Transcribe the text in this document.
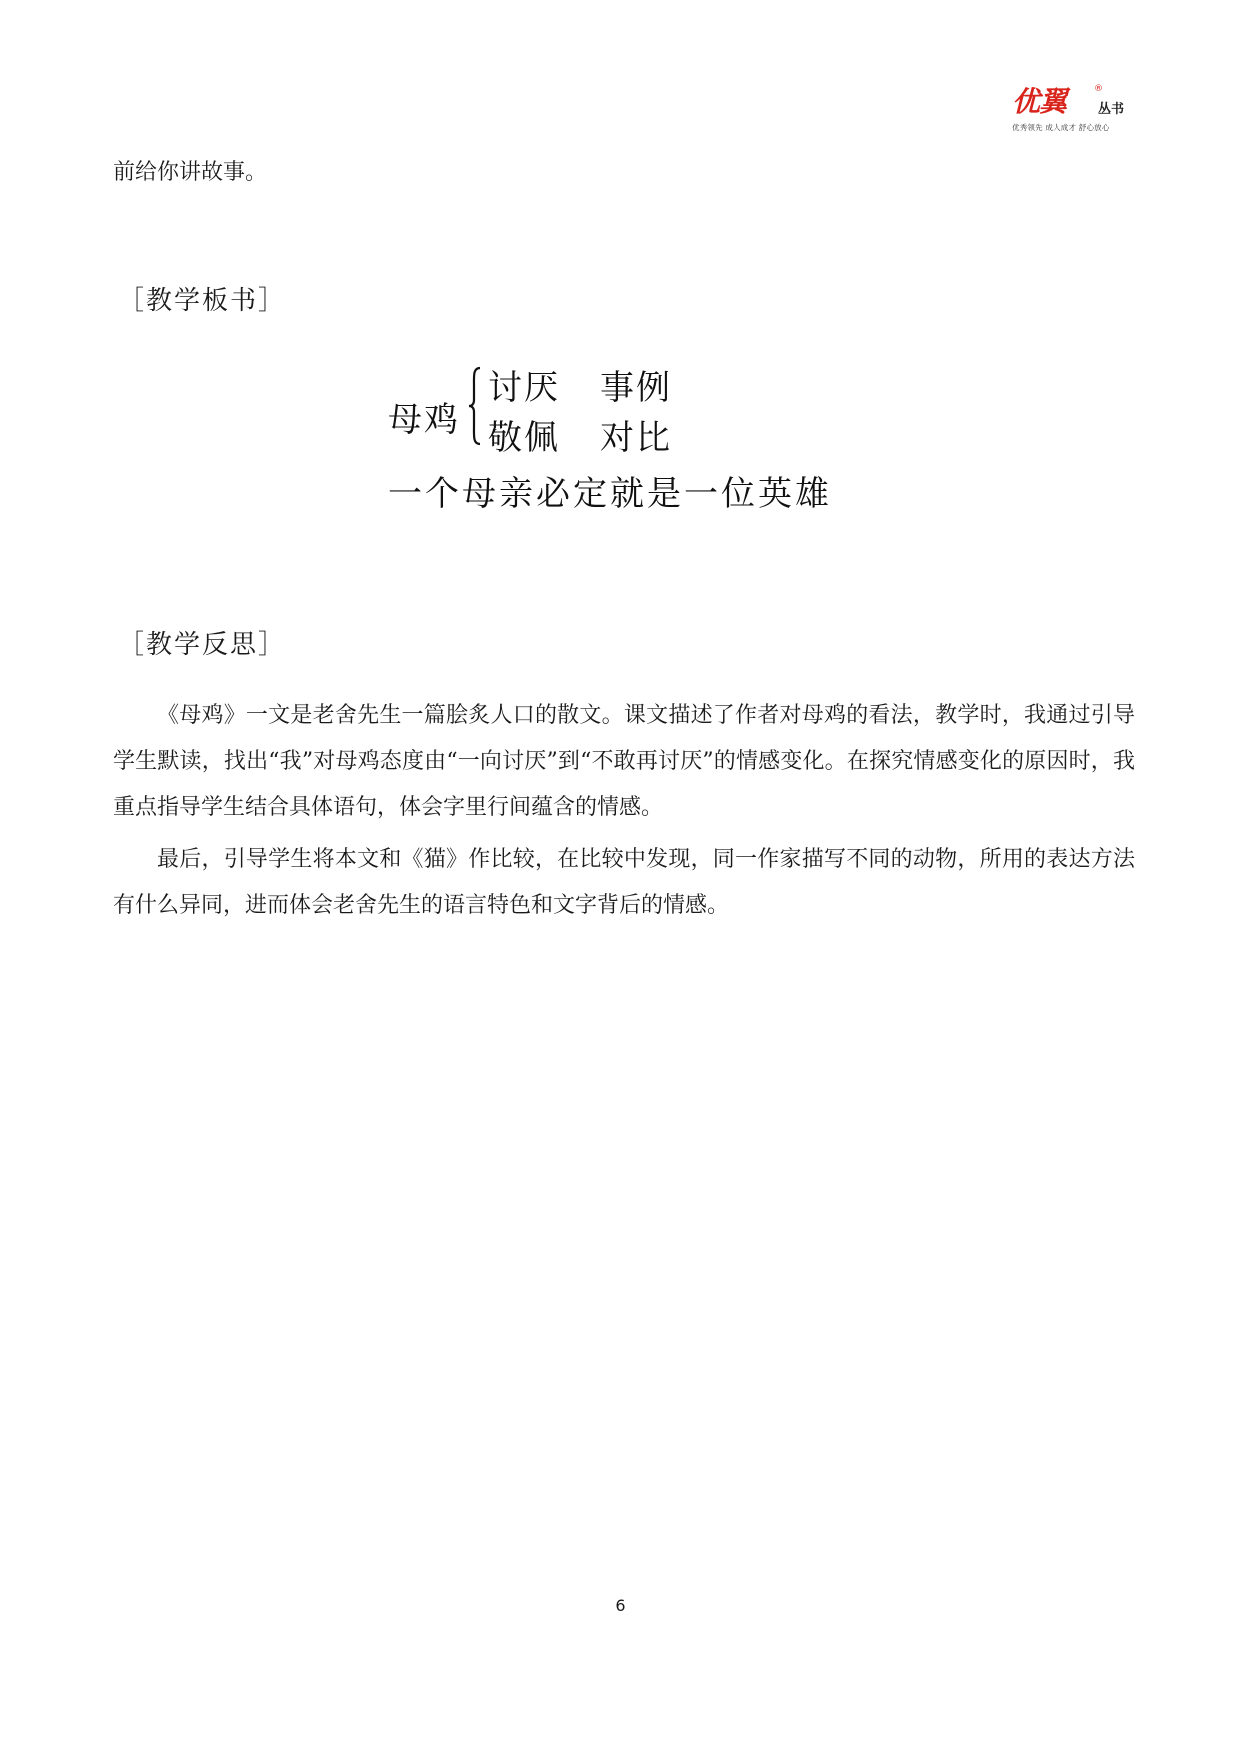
优翼	®
丛书
优秀领先 成人成才 舒心放心
前给你讲故事。
［教学板书］
母鸡
讨厌 事例
敬佩 对比
一个母亲必定就是一位英雄
［教学反思］

《母鸡》一文是老舍先生一篇脍炙人口的散文。课文描述了作者对母鸡的看法，教学时，我通过引导学生默读，找出“我”对母鸡态度由“一向讨厌”到“不敢再讨厌”的情感变化。在探究情感变化的原因时，我重点指导学生结合具体语句，体会字里行间蕴含的情感。

最后，引导学生将本文和《猫》作比较，在比较中发现，同一作家描写不同的动物，所用的表达方法有什么异同，进而体会老舍先生的语言特色和文字背后的情感。

6
